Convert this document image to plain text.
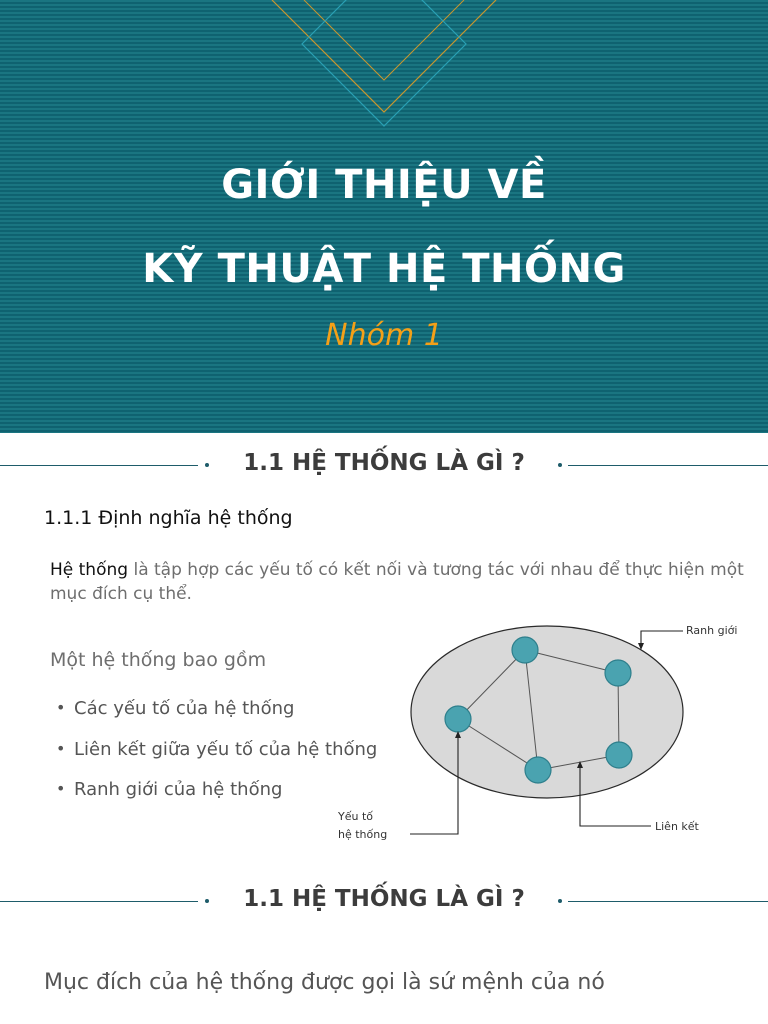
GIỚI THIỆU VỀ
KỸ THUẬT HỆ THỐNG
Nhóm 1
1.1 HỆ THỐNG LÀ GÌ ?
1.1.1 Định nghĩa hệ thống
Hệ thống là tập hợp các yếu tố có kết nối và tương tác với nhau để thực hiện một mục đích cụ thể.
Một hệ thống bao gồm
• Các yếu tố của hệ thống
• Liên kết giữa yếu tố của hệ thống
• Ranh giới của hệ thống
Ranh giới
Yếu tố
hệ thống
Liên kết
1.1 HỆ THỐNG LÀ GÌ ?
Mục đích của hệ thống được gọi là sứ mệnh của nó
